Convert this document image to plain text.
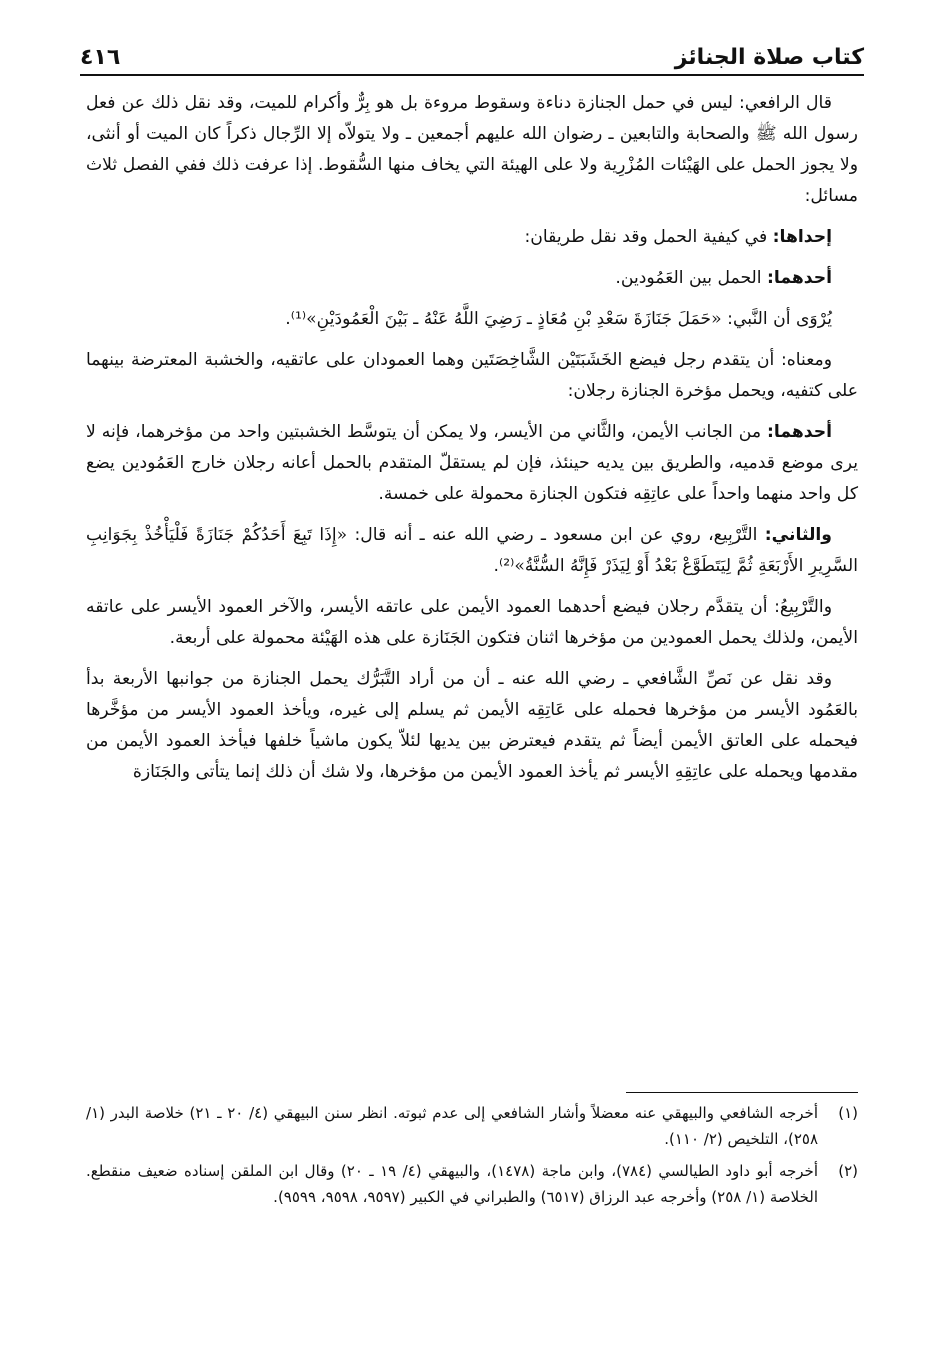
كتاب صلاة الجنائز
٤١٦

قال الرافعي: ليس في حمل الجنازة دناءة وسقوط مروءة بل هو بِرٌّ وأكرام للميت، وقد نقل ذلك عن فعل رسول الله ﷺ والصحابة والتابعين ـ رضوان الله عليهم أجمعين ـ ولا يتولاّه إلا الرِّجال ذكراً كان الميت أو أنثى، ولا يجوز الحمل على الهَيْئات المُزْرِية ولا على الهيئة التي يخاف منها السُّقوط. إذا عرفت ذلك ففي الفصل ثلاث مسائل:

إحداها: في كيفية الحمل وقد نقل طريقان:

أحدهما: الحمل بين العَمُودين.

يُرْوَى أن النَّبي: «حَمَلَ جَنَازَةَ سَعْدِ بْنِ مُعَاذٍ ـ رَضِيَ اللَّهُ عَنْهُ ـ بَيْنَ الْعَمُودَيْنِ»⁽¹⁾.

ومعناه: أن يتقدم رجل فيضع الخَشَبَتَيْن الشَّاخِصَتَين وهما العمودان على عاتقيه، والخشبة المعترضة بينهما على كتفيه، ويحمل مؤخرة الجنازة رجلان:

أحدهما: من الجانب الأيمن، والثَّاني من الأيسر، ولا يمكن أن يتوسَّط الخشبتين واحد من مؤخرهما، فإنه لا يرى موضع قدميه، والطريق بين يديه حينئذ، فإن لم يستقلّ المتقدم بالحمل أعانه رجلان خارج العَمُودين يضع كل واحد منهما واحداً على عاتِقِه فتكون الجنازة محمولة على خمسة.

والثاني: التَّرْبِيع، روي عن ابن مسعود ـ رضي الله عنه ـ أنه قال: «إِذَا تَبِعَ أَحَدُكُمْ جَنَازَةً فَلْيَأْخُذْ بِجَوَانِبِ السَّرِيرِ الأَرْبَعَةِ ثُمَّ لِيَتَطَوَّعْ بَعْدُ أَوْ لِيَذَرْ فَإِنَّهُ السُّنَّةُ»⁽²⁾.

والتَّرْبِيعُ: أن يتقدَّم رجلان فيضع أحدهما العمود الأيمن على عاتقه الأيسر، والآخر العمود الأيسر على عاتقه الأيمن، ولذلك يحمل العمودين من مؤخرها اثنان فتكون الجَنَازة على هذه الهَيْئة محمولة على أربعة.

وقد نقل عن نَصِّ الشَّافعي ـ رضي الله عنه ـ أن من أراد التَّبَرُّك يحمل الجنازة من جوانبها الأربعة بدأ بالعَمُود الأيسر من مؤخرها فحمله على عَاتِقِه الأيمن ثم يسلم إلى غيره، ويأخذ العمود الأيسر من مؤخَّرها فيحمله على العاتق الأيمن أيضاً ثم يتقدم فيعترض بين يديها لئلاّ يكون ماشياً خلفها فيأخذ العمود الأيمن من مقدمها ويحمله على عاتِقِهِ الأيسر ثم يأخذ العمود الأيمن من مؤخرها، ولا شك أن ذلك إنما يتأتى والجَنَازة

(١)
أخرجه الشافعي والبيهقي عنه معضلاً وأشار الشافعي إلى عدم ثبوته. انظر سنن البيهقي (٤/ ٢٠ ـ ٢١) خلاصة البدر (١/ ٢٥٨)، التلخيص (٢/ ١١٠).
(٢)
أخرجه أبو داود الطيالسي (٧٨٤)، وابن ماجة (١٤٧٨)، والبيهقي (٤/ ١٩ ـ ٢٠) وقال ابن الملقن إسناده ضعيف منقطع. الخلاصة (١/ ٢٥٨) وأخرجه عبد الرزاق (٦٥١٧) والطبراني في الكبير (٩٥٩٧، ٩٥٩٨، ٩٥٩٩).
